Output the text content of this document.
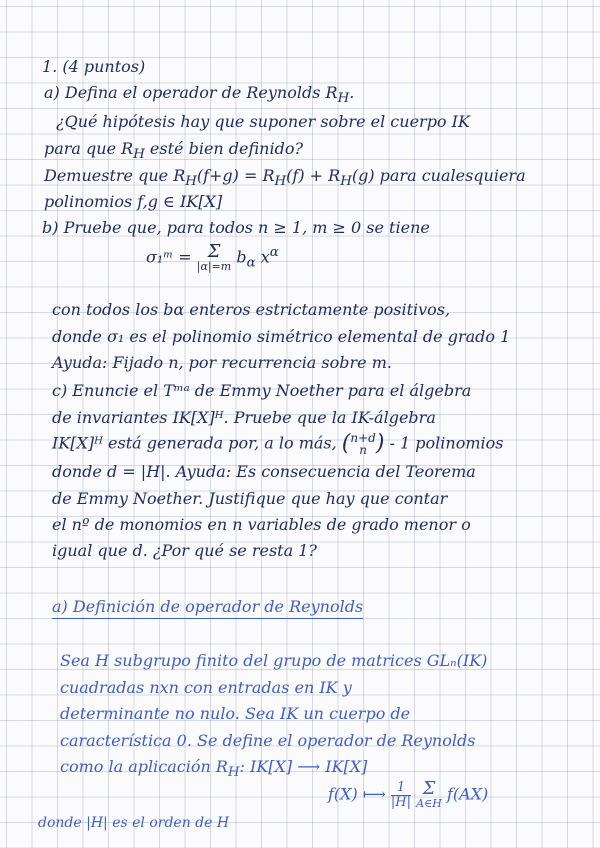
1. (4 puntos)
a) Defina el operador de Reynolds $R_H$.
¿Qué hipótesis hay que suponer sobre el cuerpo IK
para que $R_H$ esté bien definido?
Demuestre que $R_H(f+g) = R_H(f) + R_H(g)$ para cualesquiera
polinomios f,g ∈ IK[X]
b) Pruebe que, para todos n ≥ 1, m ≥ 0 se tiene
σ₁ᵐ = Σ
|α|=m $b_\alpha$ $x^\alpha$
con todos los bα enteros estrictamente positivos,
donde σ₁ es el polinomio simétrico elemental de grado 1
Ayuda: Fijado n, por recurrencia sobre m.
c) Enuncie el Tᵐᵃ de Emmy Noether para el álgebra
de invariantes IK[X]ᴴ. Pruebe que la IK-álgebra
IK[X]ᴴ está generada por, a lo más, ( n+d
n ) - 1 polinomios
donde d = |H|. Ayuda: Es consecuencia del Teorema
de Emmy Noether. Justifique que hay que contar
el nº de monomios en n variables de grado menor o
igual que d. ¿Por qué se resta 1?
a) Definición de operador de Reynolds
Sea H subgrupo finito del grupo de matrices GLₙ(IK)
cuadradas nxn con entradas en IK y
determinante no nulo. Sea IK un cuerpo de
característica 0. Se define el operador de Reynolds
como la aplicación $R_H$: IK[X] ⟶ IK[X]
f(X) ⟼ $\frac{1}{|H|}$
Σ
A∈H f(AX)
donde |H| es el orden de H
